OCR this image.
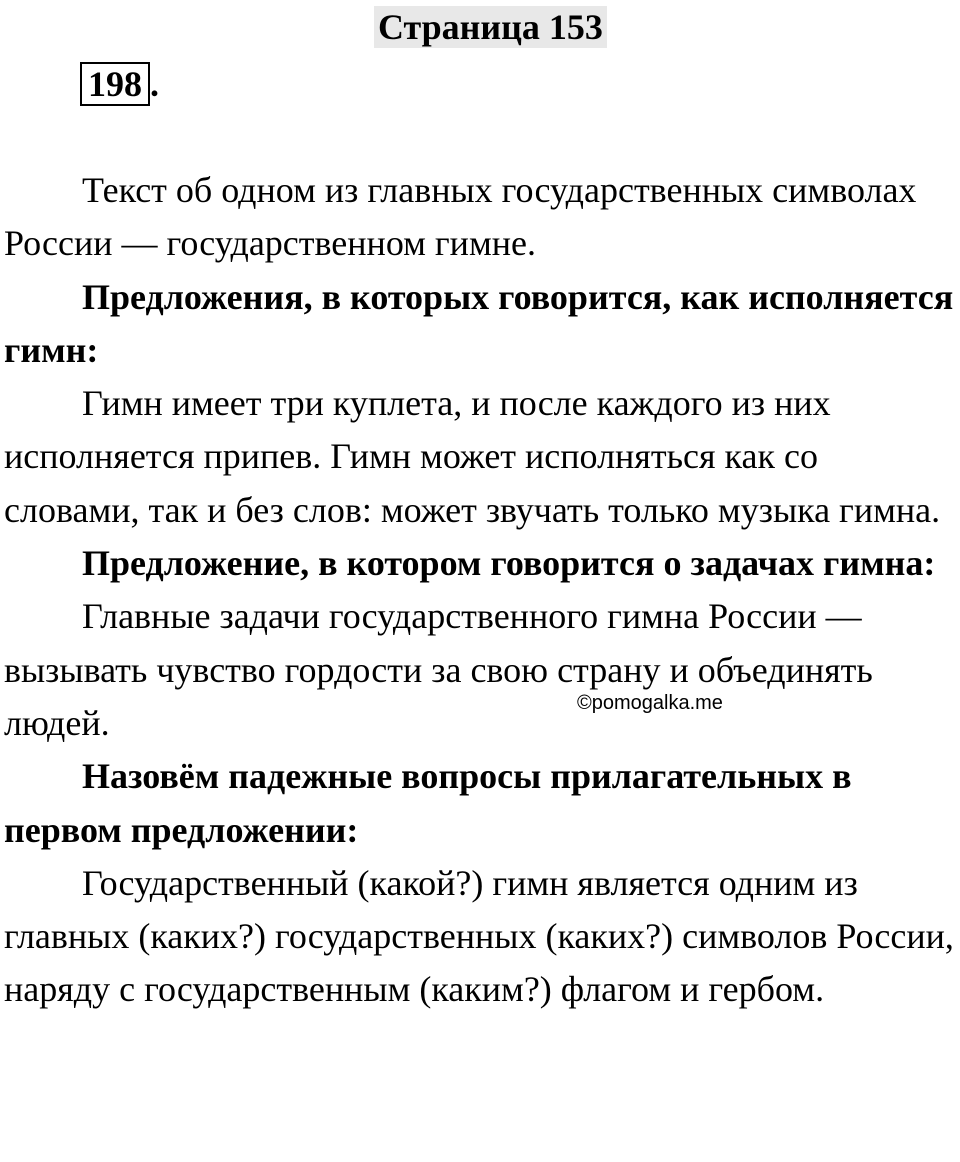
Страница 153
198 .

Текст об одном из главных государственных символах России — государственном гимне.

Предложения, в которых говорится, как исполняется гимн:

Гимн имеет три куплета, и после каждого из них исполняется припев. Гимн может исполняться как со словами, так и без слов: может звучать только музыка гимна.

Предложение, в котором говорится о задачах гимна:

Главные задачи государственного гимна России — вызывать чувство гордости за свою страну и объединять людей.

Назовём падежные вопросы прилагательных в первом предложении:

Государственный (какой?) гимн является одним из главных (каких?) государственных (каких?) символов России, наряду с государственным (каким?) флагом и гербом.

©pomogalka.me
